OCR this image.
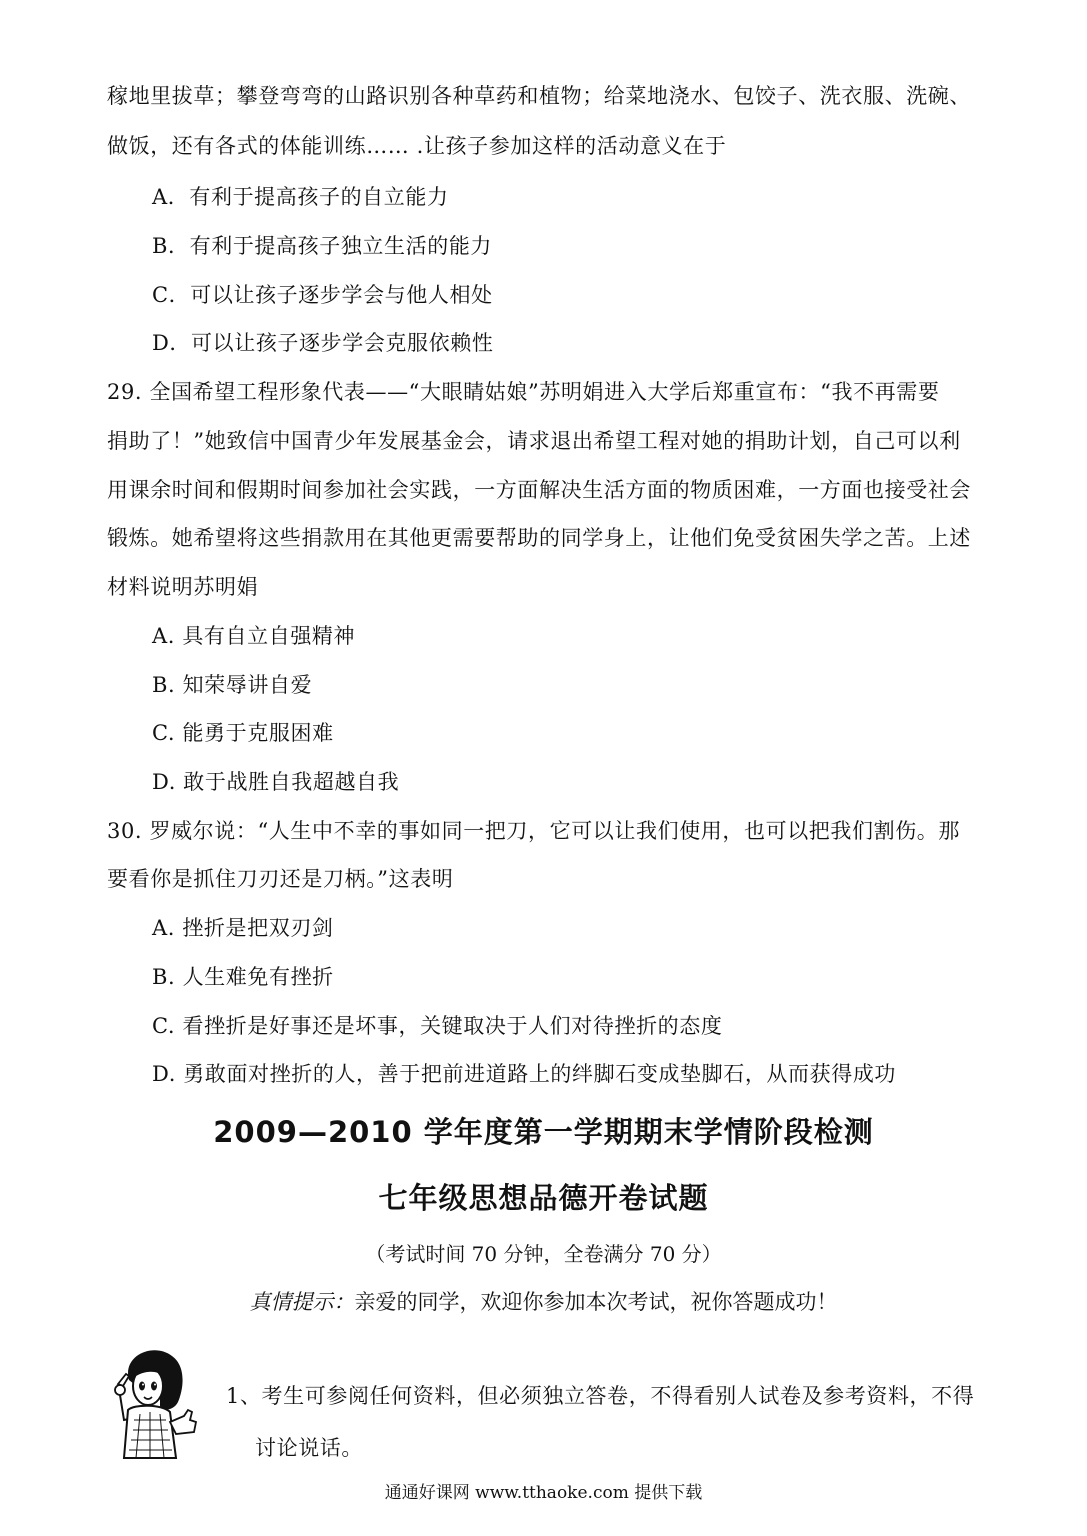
稼地里拔草；攀登弯弯的山路识别各种草药和植物；给菜地浇水、包饺子、洗衣服、洗碗、
做饭，还有各式的体能训练…… .让孩子参加这样的活动意义在于
A．有利于提高孩子的自立能力
B．有利于提高孩子独立生活的能力
C．可以让孩子逐步学会与他人相处
D．可以让孩子逐步学会克服依赖性
29. 全国希望工程形象代表——“大眼睛姑娘”苏明娟进入大学后郑重宣布：“我不再需要
捐助了！”她致信中国青少年发展基金会，请求退出希望工程对她的捐助计划，自己可以利
用课余时间和假期时间参加社会实践，一方面解决生活方面的物质困难，一方面也接受社会
锻炼。她希望将这些捐款用在其他更需要帮助的同学身上，让他们免受贫困失学之苦。上述
材料说明苏明娟
A. 具有自立自强精神
B. 知荣辱讲自爱
C. 能勇于克服困难
D. 敢于战胜自我超越自我
30. 罗威尔说：“人生中不幸的事如同一把刀，它可以让我们使用，也可以把我们割伤。那
要看你是抓住刀刃还是刀柄。”这表明
A. 挫折是把双刃剑
B. 人生难免有挫折
C. 看挫折是好事还是坏事，关键取决于人们对待挫折的态度
D. 勇敢面对挫折的人，善于把前进道路上的绊脚石变成垫脚石，从而获得成功
2009—2010 学年度第一学期期末学情阶段检测
七年级思想品德开卷试题
（考试时间 70 分钟，全卷满分 70 分）
真情提示：亲爱的同学，欢迎你参加本次考试，祝你答题成功！
1、考生可参阅任何资料，但必须独立答卷，不得看别人试卷及参考资料，不得
讨论说话。
通通好课网 www.tthaoke.com 提供下载
